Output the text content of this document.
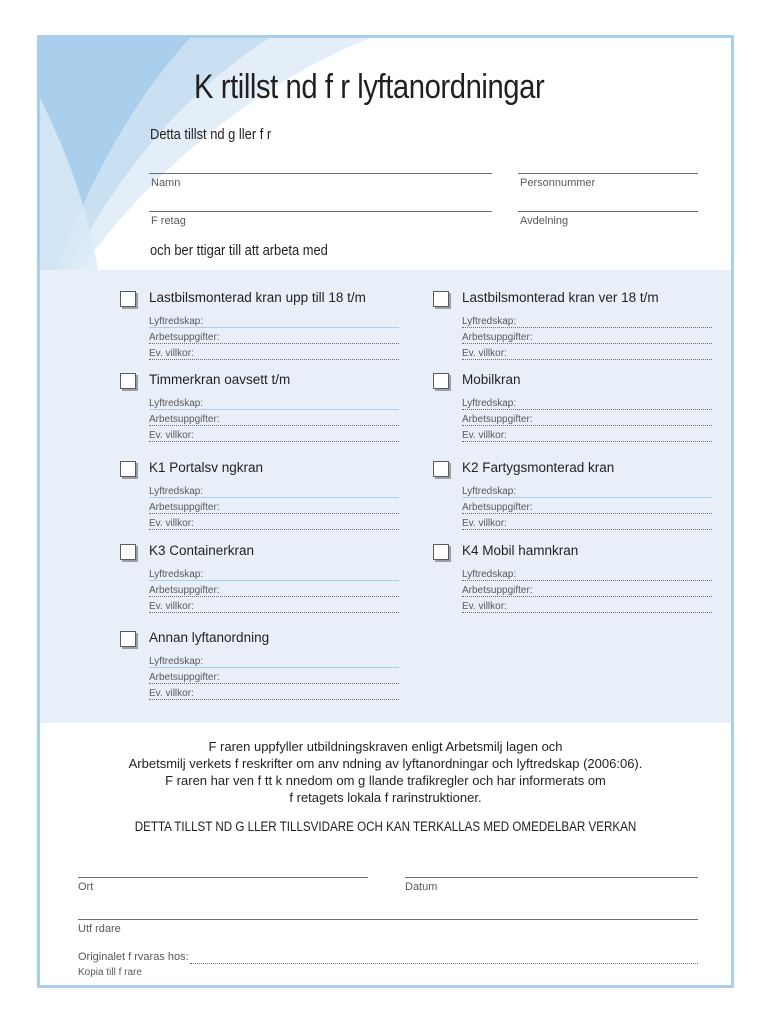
K rtillst nd f r lyftanordningar
Detta tillst nd g ller f r
Namn	Personnummer
F retag	Avdelning
och ber ttigar till att arbeta med
Lastbilsmonterad kran upp till 18 t/m
Lyftredskap:
Arbetsuppgifter:
Ev. villkor:
Timmerkran oavsett t/m
Lyftredskap:
Arbetsuppgifter:
Ev. villkor:
K1 Portalsv ngkran
Lyftredskap:
Arbetsuppgifter:
Ev. villkor:
K3 Containerkran
Lyftredskap:
Arbetsuppgifter:
Ev. villkor:
Annan lyftanordning
Lyftredskap:
Arbetsuppgifter:
Ev. villkor:
Lastbilsmonterad kran ver 18 t/m
Lyftredskap:
Arbetsuppgifter:
Ev. villkor:
Mobilkran
Lyftredskap:
Arbetsuppgifter:
Ev. villkor:
K2 Fartygsmonterad kran
Lyftredskap:
Arbetsuppgifter:
Ev. villkor:
K4 Mobil hamnkran
Lyftredskap:
Arbetsuppgifter:
Ev. villkor:
F raren uppfyller utbildningskraven enligt Arbetsmilj lagen och
Arbetsmilj verkets f reskrifter om anv ndning av lyftanordningar och lyftredskap (2006:06).
F raren har ven f tt k nnedom om g llande trafikregler och har informerats om
f retagets lokala f rarinstruktioner.
DETTA TILLST ND G LLER TILLSVIDARE OCH KAN TERKALLAS MED OMEDELBAR VERKAN
Ort	Datum
Utf rdare
Originalet f rvaras hos:
Kopia till f rare
